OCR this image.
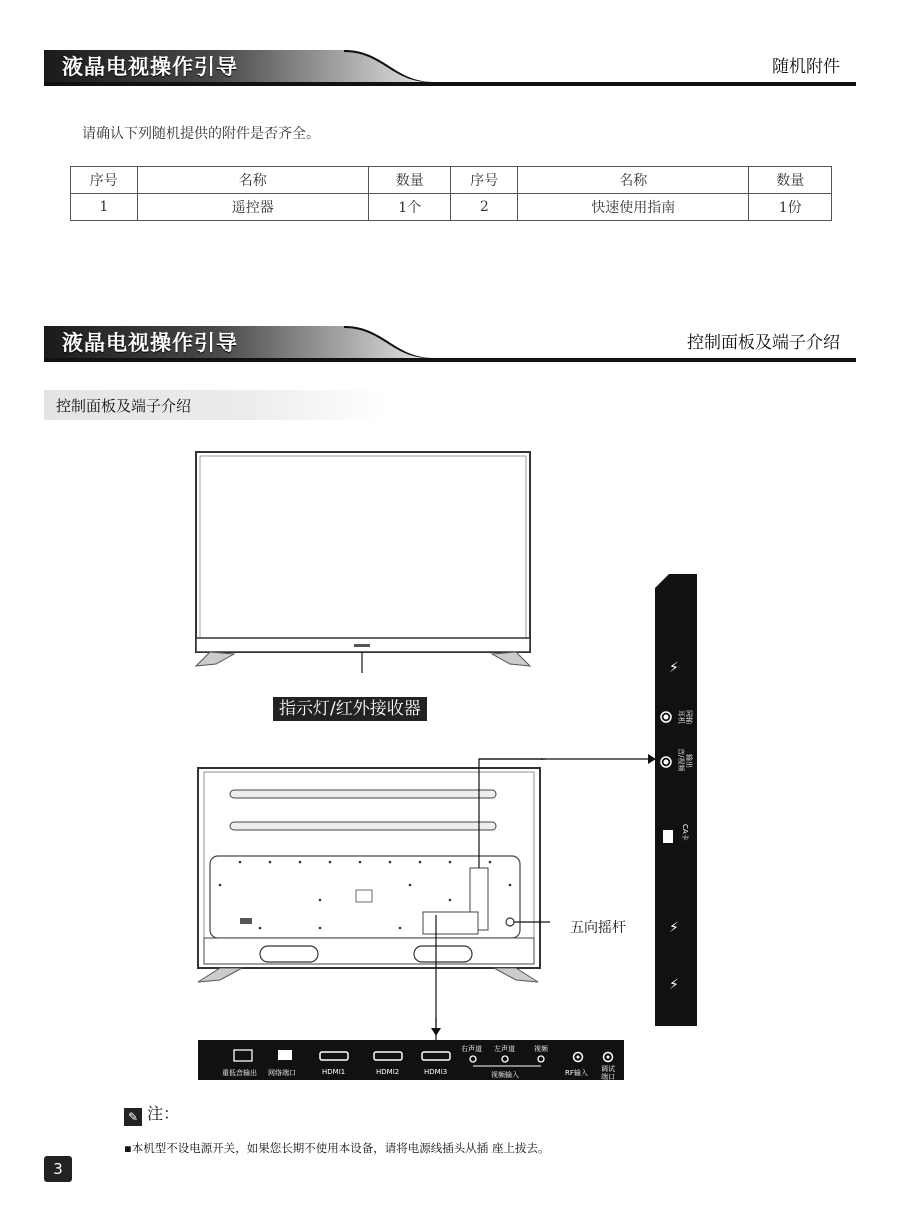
液晶电视操作引导	随机附件
请确认下列随机提供的附件是否齐全。
序号	名称	数量	序号	名称	数量
1	遥控器	1个	2	快速使用指南	1份
液晶电视操作引导	控制面板及端子介绍
控制面板及端子介绍
指示灯/红外接收器
五向摇杆
⚡
⚡
⚡
耳机 同轴
音/视频 输出
CA卡
重低音输出 网络端口	HDMI1	HDMI2	HDMI3
右声道 左声道	视频
视频输入	RF输入 调试
端口
✎ 注：
▪本机型不设电源开关，如果您长期不使用本设备，请将电源线插头从插 座上拔去。
3
